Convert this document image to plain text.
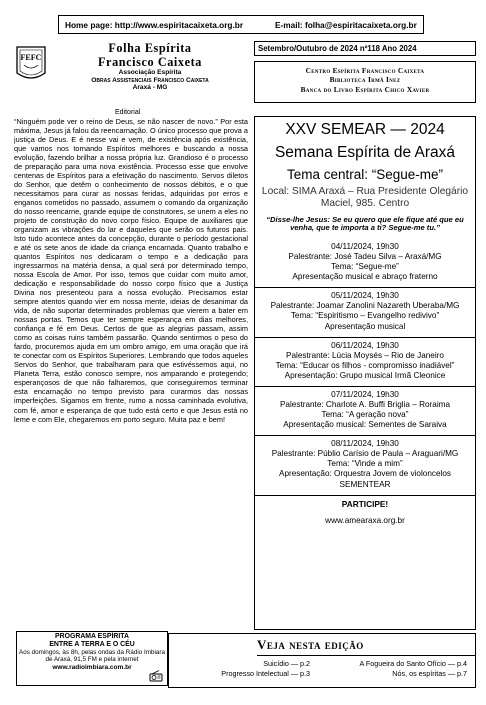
Home page: http://www.espiritacaixeta.org.br	E-mail: folha@espiritacaixeta.org.br
FEFC
Folha Espírita
Francisco Caixeta
Associação Espírita
Obras Assistenciais Francisco Caixeta
Araxá - MG
Setembro/Outubro de 2024 nº118 Ano 2024
Centro Espírita Francisco Caixeta
Biblioteca Irmã Inez
Banca do Livro Espírita Chico Xavier
Editorial
“Ninguém pode ver o reino de Deus, se não nascer de novo.” Por esta máxima, Jesus já falou da reencarnação. O único processo que prova a justiça de Deus. E é nesse vai e vem, de existência após existência, que vamos nos tornando Espíritos melhores e buscando a nossa evolução, fazendo brilhar a nossa própria luz. Grandioso é o processo de preparação para uma nova existência. Processo esse que envolve centenas de Espíritos para a efetivação do nascimento. Servos diletos do Senhor, que detêm o conhecimento de nossos débitos, e o que necessitamos para curar as nossas feridas, adquiridas por erros e enganos cometidos no passado, assumem o comando da organização do nosso reencarne, grande equipe de construtores, se unem a eles no projeto de construção do novo corpo físico. Equipe de auxiliares que organizam as vibrações do lar e daqueles que serão os futuros pais. Isto tudo acontece antes da concepção, durante o período gestacional e até os sete anos de idade da criança encarnada. Quanto trabalho e quantos Espíritos nos dedicaram o tempo e a dedicação para ingressarmos na matéria densa, a qual será por determinado tempo, nossa Escola de Amor. Por isso, temos que cuidar com muito amor, dedicação e responsabilidade do nosso corpo físico que a Justiça Divina nos presenteou para a nossa evolução. Precisamos estar sempre atentos quando vier em nossa mente, ideias de desanimar da vida, de não suportar determinados problemas que vierem a bater em nossas portas. Temos que ter sempre esperança em dias melhores, confiança e fé em Deus. Certos de que as alegrias passam, assim como as coisas ruins também passarão. Quando sentirmos o peso do fardo, procuremos ajuda em um ombro amigo, em uma oração que irá te conectar com os Espíritos Superiores. Lembrando que todos aqueles Servos do Senhor, que trabalharam para que estivéssemos aqui, no Planeta Terra, estão conosco sempre, nos amparando e protegendo; esperançosos de que não falharemos, que conseguiremos terminar esta encarnação no tempo previsto para curarmos das nossas imperfeições. Sigamos em frente, rumo a nossa caminhada evolutiva, com fé, amor e esperança de que tudo está certo e que Jesus está no leme e com Ele, chegaremos em porto seguro. Muita paz e bem!
XXV SEMEAR — 2024
Semana Espírita de Araxá
Tema central: “Segue-me”
Local: SIMA Araxá – Rua Presidente Olegário Maciel, 985. Centro
“Disse-lhe Jesus: Se eu quero que ele fique até que eu venha, que te importa a ti? Segue-me tu.”
04/11/2024, 19h30
Palestrante: José Tadeu Silva – Araxá/MG
Tema: “Segue-me”
Apresentação musical e abraço fraterno
05/11/2024, 19h30
Palestrante: Joamar Zanolini Nazareth Uberaba/MG
Tema: “Espiritismo – Evangelho redivivo”
Apresentação musical
06/11/2024, 19h30
Palestrante: Lúcia Moysés – Rio de Janeiro
Tema: “Educar os filhos - compromisso inadiável”
Apresentação: Grupo musical Irmã Cleonice
07/11/2024, 19h30
Palestrante: Charlote A. Buffi Briglia – Roraima
Tema: “A geração nova”
Apresentação musical: Sementes de Saraiva
08/11/2024, 19h30
Palestrante: Públio Carísio de Paula – Araguari/MG
Tema: “Vinde a mim”
Apresentação: Orquestra Jovem de violoncelos SEMENTEAR
PARTICIPE!
www.amearaxa.org.br
PROGRAMA ESPÍRITA
ENTRE A TERRA E O CÉU
Aos domingos, às 8h, pelas ondas da Rádio Imbiara de Araxá, 91,5 FM e pela internet
www.radioimbiara.com.br
Veja nesta edição
Suicídio — p.2	A Fogueira do Santo Ofício — p.4
Progresso Intelectual — p.3	Nós, os espíritas — p.7
